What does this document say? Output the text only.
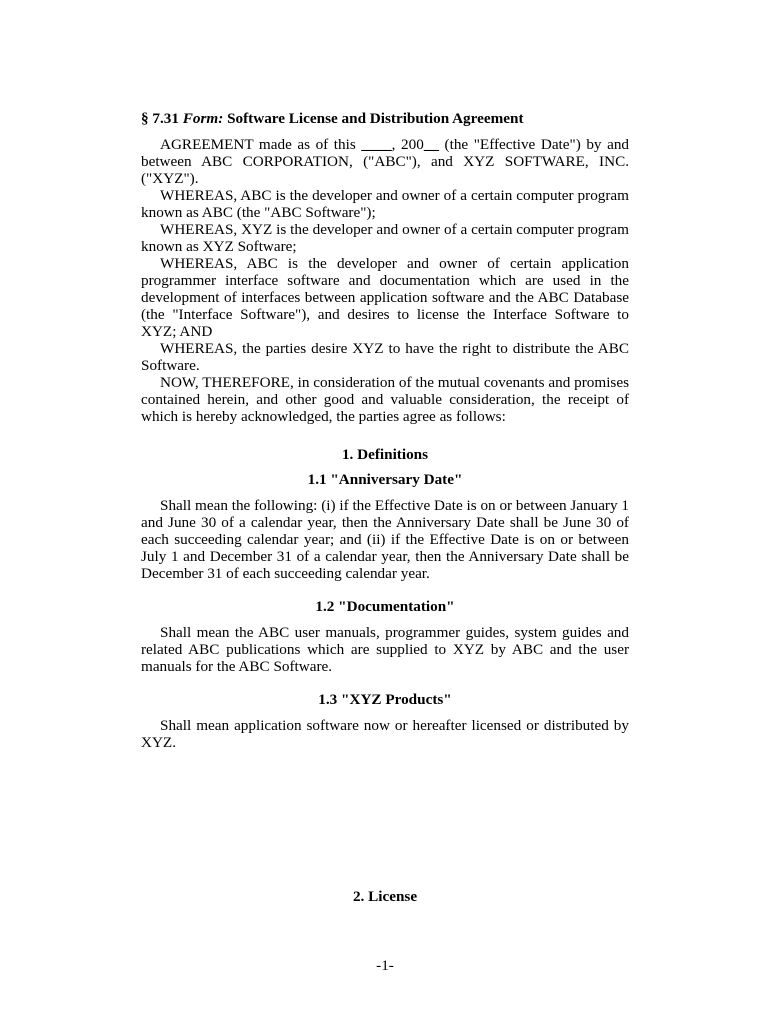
§ 7.31 Form: Software License and Distribution Agreement

AGREEMENT made as of this ____, 200__ (the "Effective Date") by and between ABC CORPORATION, ("ABC"), and XYZ SOFTWARE, INC. ("XYZ").

WHEREAS, ABC is the developer and owner of a certain computer program known as ABC (the "ABC Software");

WHEREAS, XYZ is the developer and owner of a certain computer program known as XYZ Software;

WHEREAS, ABC is the developer and owner of certain application programmer interface software and documentation which are used in the development of interfaces between application software and the ABC Database (the "Interface Software"), and desires to license the Interface Software to XYZ; AND

WHEREAS, the parties desire XYZ to have the right to distribute the ABC Software.

NOW, THEREFORE, in consideration of the mutual covenants and promises contained herein, and other good and valuable consideration, the receipt of which is hereby acknowledged, the parties agree as follows:

1. Definitions

1.1 "Anniversary Date"

Shall mean the following: (i) if the Effective Date is on or between January 1 and June 30 of a calendar year, then the Anniversary Date shall be June 30 of each succeeding calendar year; and (ii) if the Effective Date is on or between July 1 and December 31 of a calendar year, then the Anniversary Date shall be December 31 of each succeeding calendar year.

1.2 "Documentation"

Shall mean the ABC user manuals, programmer guides, system guides and related ABC publications which are supplied to XYZ by ABC and the user manuals for the ABC Software.

1.3 "XYZ Products"

Shall mean application software now or hereafter licensed or distributed by XYZ.

2. License

-1-
